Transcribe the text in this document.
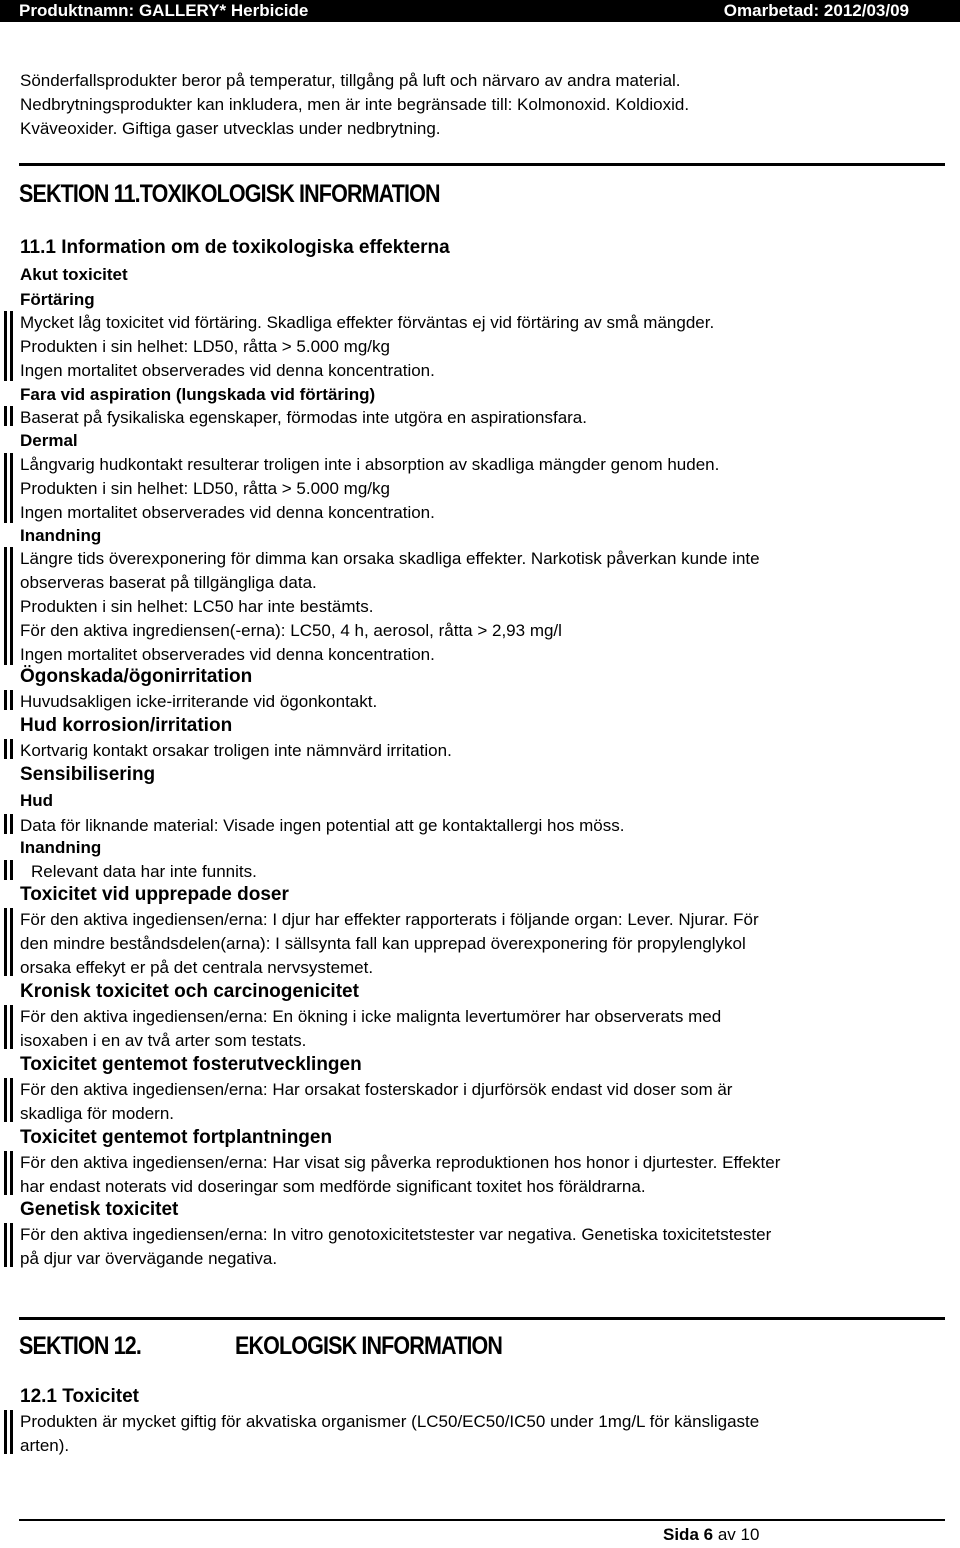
Produktnamn: GALLERY* Herbicide	Omarbetad: 2012/03/09
Sönderfallsprodukter beror på temperatur, tillgång på luft och närvaro av andra material.
Nedbrytningsprodukter kan inkludera, men är inte begränsade till: Kolmonoxid. Koldioxid.
Kväveoxider. Giftiga gaser utvecklas under nedbrytning.
SEKTION 11.TOXIKOLOGISK INFORMATION
11.1 Information om de toxikologiska effekterna
Akut toxicitet
Förtäring
Mycket låg toxicitet vid förtäring. Skadliga effekter förväntas ej vid förtäring av små mängder.
Produkten i sin helhet: LD50, råtta > 5.000 mg/kg
Ingen mortalitet observerades vid denna koncentration.
Fara vid aspiration (lungskada vid förtäring)
Baserat på fysikaliska egenskaper, förmodas inte utgöra en aspirationsfara.
Dermal
Långvarig hudkontakt resulterar troligen inte i absorption av skadliga mängder genom huden.
Produkten i sin helhet: LD50, råtta > 5.000 mg/kg
Ingen mortalitet observerades vid denna koncentration.
Inandning
Längre tids överexponering för dimma kan orsaka skadliga effekter. Narkotisk påverkan kunde inte
observeras baserat på tillgängliga data.
Produkten i sin helhet: LC50 har inte bestämts.
För den aktiva ingrediensen(-erna): LC50, 4 h, aerosol, råtta > 2,93 mg/l
Ingen mortalitet observerades vid denna koncentration.
Ögonskada/ögonirritation
Huvudsakligen icke-irriterande vid ögonkontakt.
Hud korrosion/irritation
Kortvarig kontakt orsakar troligen inte nämnvärd irritation.
Sensibilisering
Hud
Data för liknande material: Visade ingen potential att ge kontaktallergi hos möss.
Inandning
Relevant data har inte funnits.
Toxicitet vid upprepade doser
För den aktiva ingediensen/erna: I djur har effekter rapporterats i följande organ: Lever. Njurar. För
den mindre beståndsdelen(arna): I sällsynta fall kan upprepad överexponering för propylenglykol
orsaka effekyt er på det centrala nervsystemet.
Kronisk toxicitet och carcinogenicitet
För den aktiva ingediensen/erna: En ökning i icke malignta levertumörer har observerats med
isoxaben i en av två arter som testats.
Toxicitet gentemot fosterutvecklingen
För den aktiva ingediensen/erna: Har orsakat fosterskador i djurförsök endast vid doser som är
skadliga för modern.
Toxicitet gentemot fortplantningen
För den aktiva ingediensen/erna: Har visat sig påverka reproduktionen hos honor i djurtester. Effekter
har endast noterats vid doseringar som medförde significant toxitet hos föräldrarna.
Genetisk toxicitet
För den aktiva ingediensen/erna: In vitro genotoxicitetstester var negativa. Genetiska toxicitetstester
på djur var övervägande negativa.
SEKTION 12.	EKOLOGISK INFORMATION
12.1 Toxicitet
Produkten är mycket giftig för akvatiska organismer (LC50/EC50/IC50 under 1mg/L för känsligaste
arten).
Sida 6 av 10
